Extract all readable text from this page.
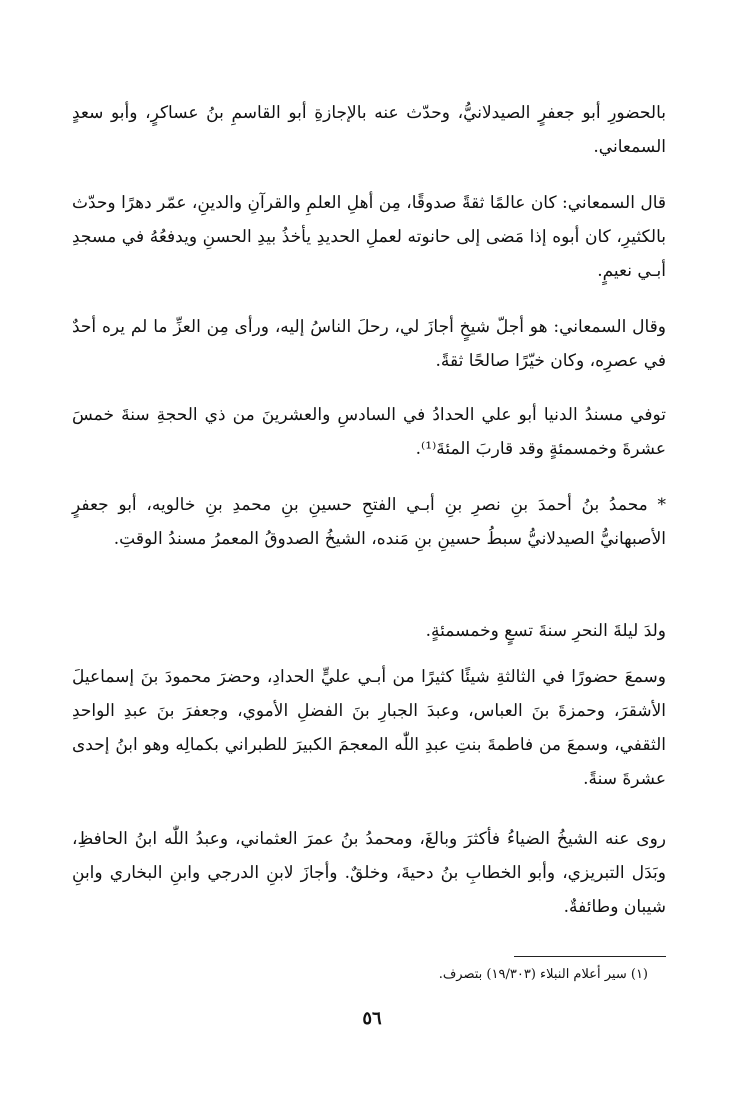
بالحضورِ أبو جعفرٍ الصيدلانيُّ، وحدّث عنه بالإجازةِ أبو القاسمِ بنُ عساكرٍ، وأبو سعدٍ السمعاني.

قال السمعاني: كان عالمًا ثقةً صدوقًا، مِن أهلِ العلمِ والقرآنِ والدينِ، عمّر دهرًا وحدّث بالكثيرِ، كان أبوه إذا مَضى إلى حانوته لعملِ الحديدِ يأخذُ بيدِ الحسنِ ويدفعُهُ في مسجدِ أبـي نعيمٍ.

وقال السمعاني: هو أجلّ شيخٍ أجازَ لي، رحلَ الناسُ إليه، ورأى مِن العزِّ ما لم يره أحدٌ في عصرِه، وكان خيّرًا صالحًا ثقةً.

توفي مسندُ الدنيا أبو علي الحدادُ في السادسِ والعشرينَ من ذي الحجةِ سنةَ خمسَ عشرةَ وخمسمئةٍ وقد قاربَ المئةَ⁽¹⁾.

* محمدُ بنُ أحمدَ بنِ نصرِ بنِ أبـي الفتحِ حسينِ بنِ محمدِ بنِ خالويه، أبو جعفرٍ الأصبهانيُّ الصيدلانيُّ سبطُ حسينِ بنِ مَنده، الشيخُ الصدوقُ المعمرُ مسندُ الوقتِ.

ولدَ ليلةَ النحرِ سنةَ تسعٍ وخمسمئةٍ.

وسمعَ حضورًا في الثالثةِ شيئًا كثيرًا من أبـي عليٍّ الحدادِ، وحضرَ محمودَ بنَ إسماعيلَ الأشقرَ، وحمزةَ بنَ العباس، وعبدَ الجبارِ بنَ الفضلِ الأموي، وجعفرَ بنَ عبدِ الواحدِ الثقفي، وسمعَ من فاطمةَ بنتِ عبدِ اللّٰه المعجمَ الكبيرَ للطبراني بكمالِه وهو ابنُ إحدى عشرةَ سنةً.

روى عنه الشيخُ الضياءُ فأكثرَ وبالغَ، ومحمدُ بنُ عمرَ العثماني، وعبدُ اللّٰه ابنُ الحافظِ، وبَدَل التبريزي، وأبو الخطابِ بنُ دحيةَ، وخلقٌ. وأجازَ لابنِ الدرجي وابنِ البخاري وابنِ شيبان وطائفةٌ.

(١) سير أعلام النبلاء (١٩/٣٠٣) بتصرف.

٥٦
